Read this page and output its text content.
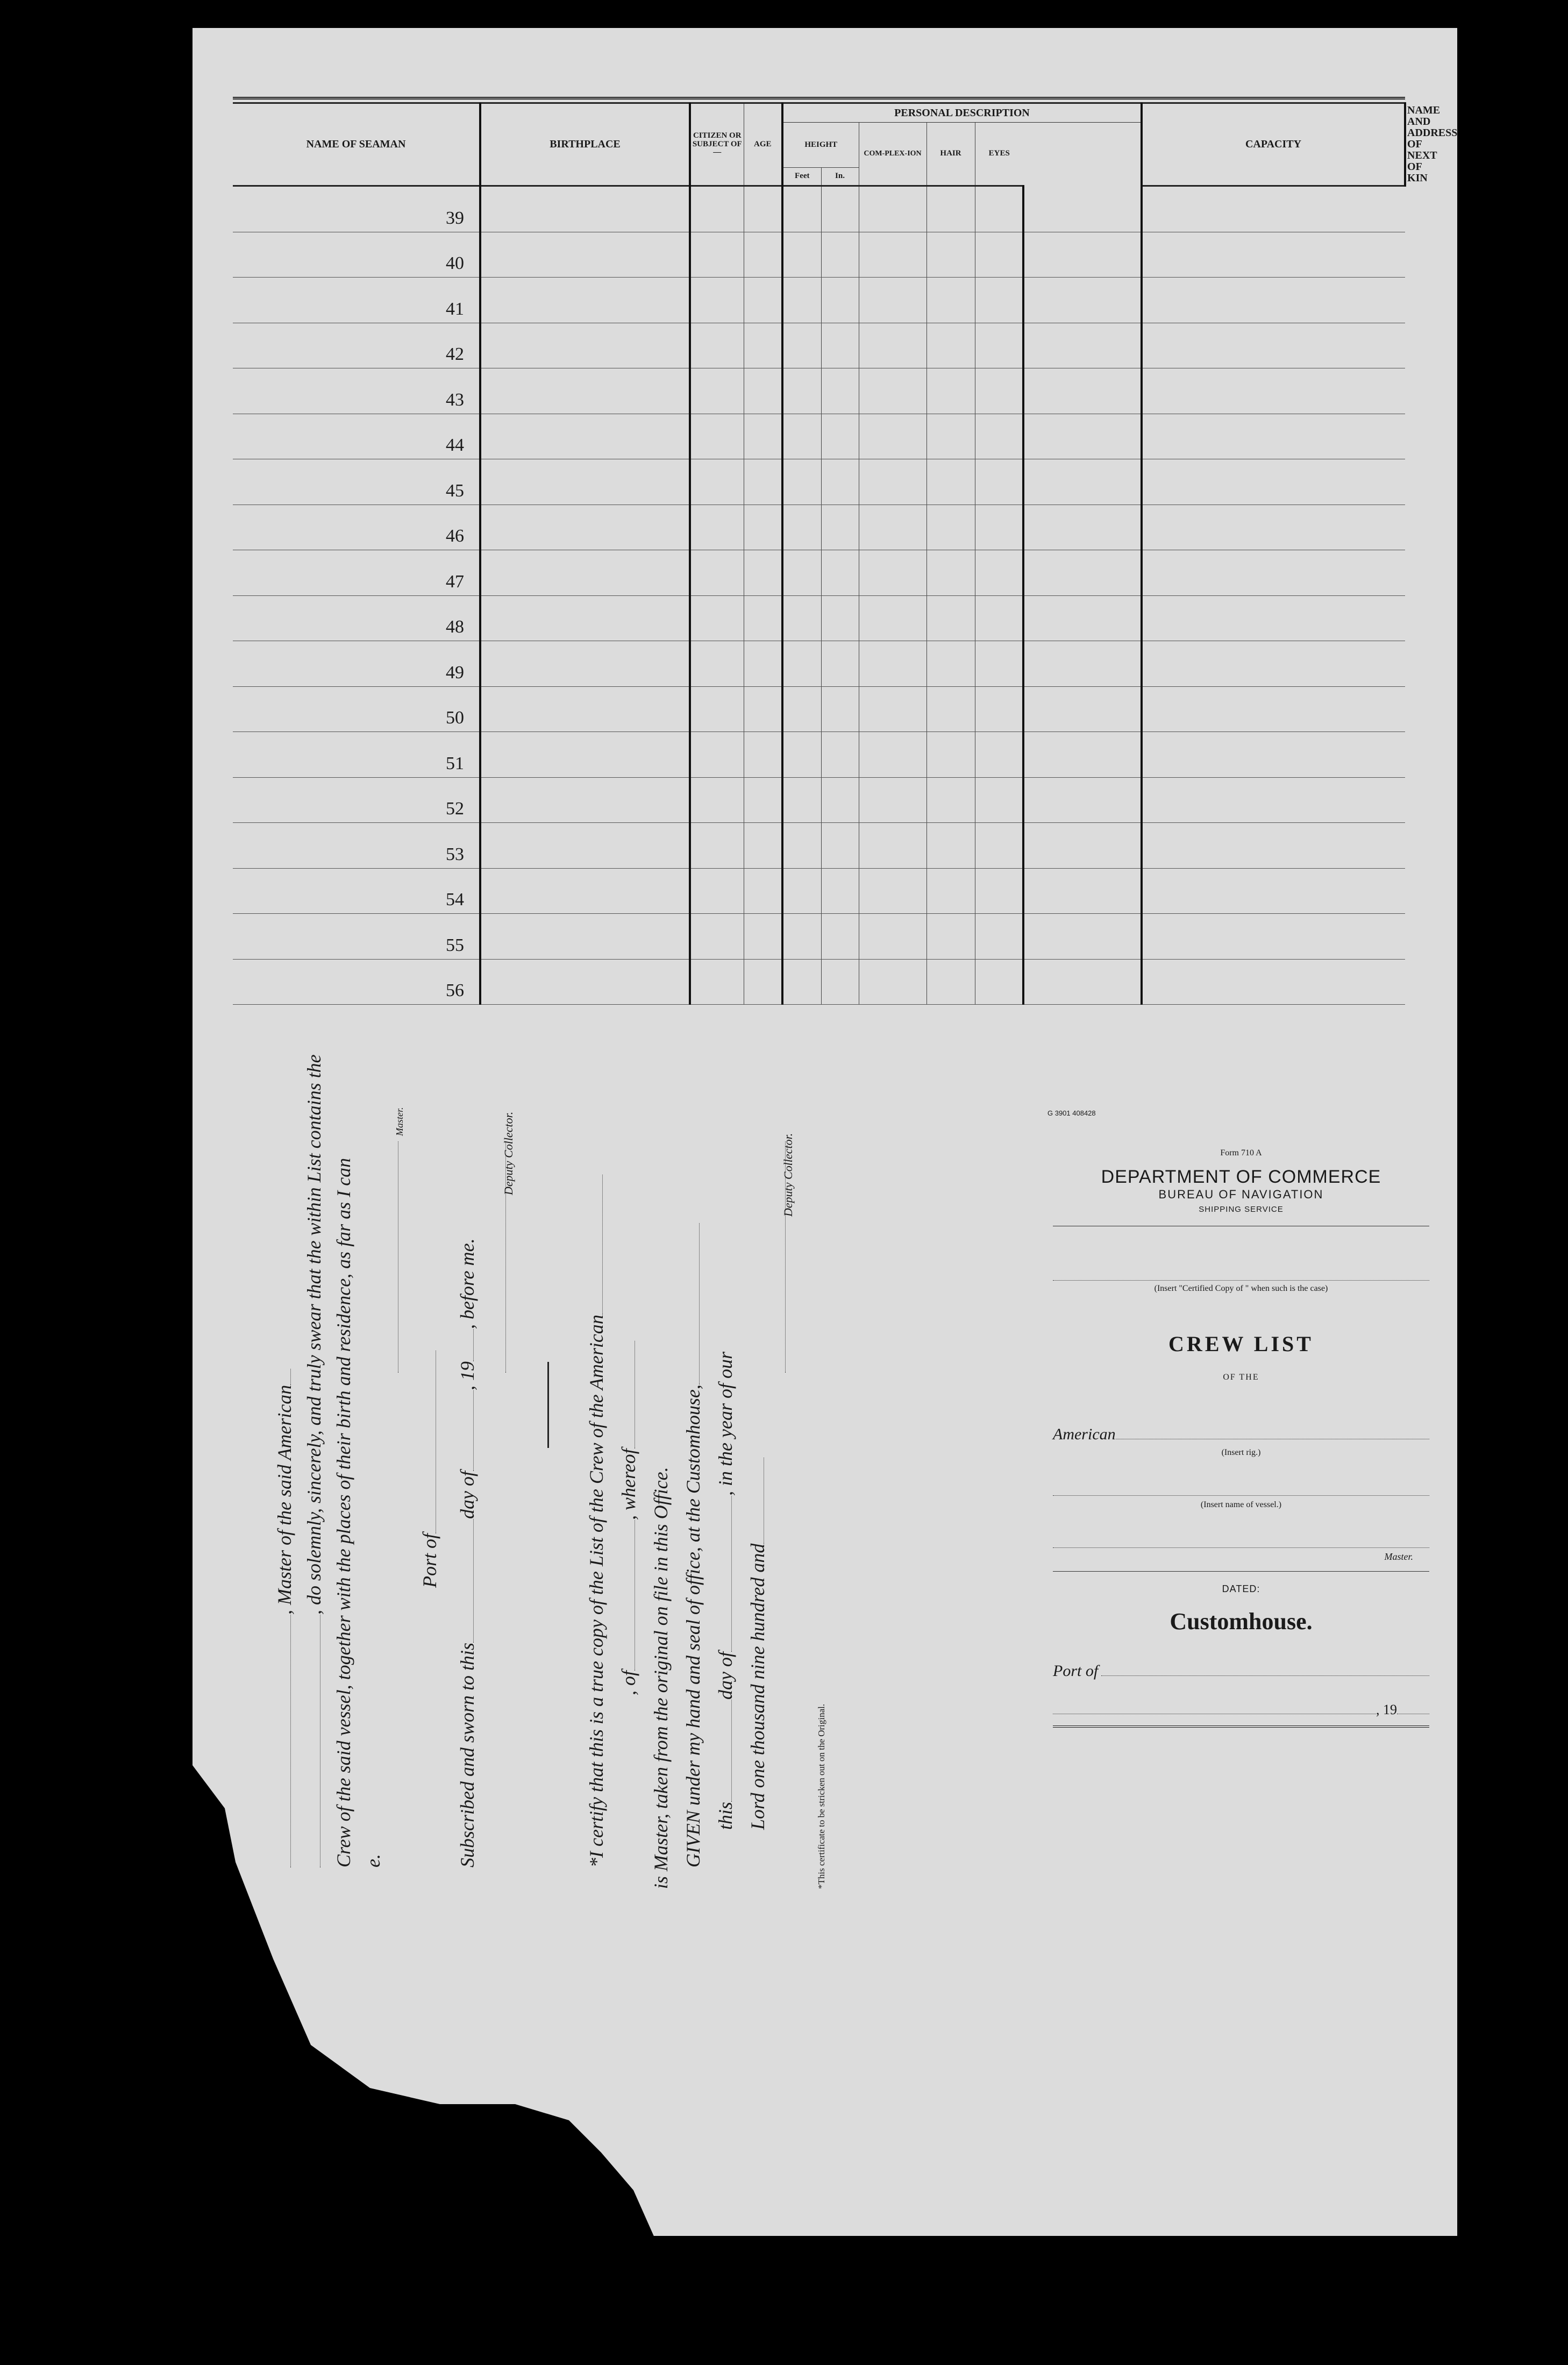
NAME OF SEAMAN	BIRTHPLACE	CITIZEN OR SUBJECT OF—	AGE	PERSONAL DESCRIPTION						CAPACITY	NAME AND ADDRESS OF NEXT OF KIN
				HEIGHT		COM-PLEX-ION	HAIR	EYES			
				Feet	In.						
39											
40											
41											
42											
43											
44											
45											
46											
47											
48											
49											
50											
51											
52											
53											
54											
55											
56											
, Master of the said American , do solemnly, sincerely, and truly swear that the within List contains the Crew of the said vessel, together with the places of their birth and residence, as far as I can e.
Master.
Port of
Subscribed and sworn to thisday of, 19, before me.
Deputy Collector.
*I certify that this is a true copy of the List of the Crew of the American , of, whereof is Master, taken from the original on file in this Office. GIVEN under my hand and seal of office, at the Customhouse, thisday of, in the year of our
Lord one thousand nine hundred and
Deputy Collector.
*This certificate to be stricken out on the Original.
G 3901 408428
Form 710 A
DEPARTMENT OF COMMERCE
BUREAU OF NAVIGATION
SHIPPING SERVICE
(Insert "Certified Copy of " when such is the case)
CREW LIST
OF THE
American
(Insert rig.)
(Insert name of vessel.)
Master.
DATED:
Customhouse.
Port of
, 19
